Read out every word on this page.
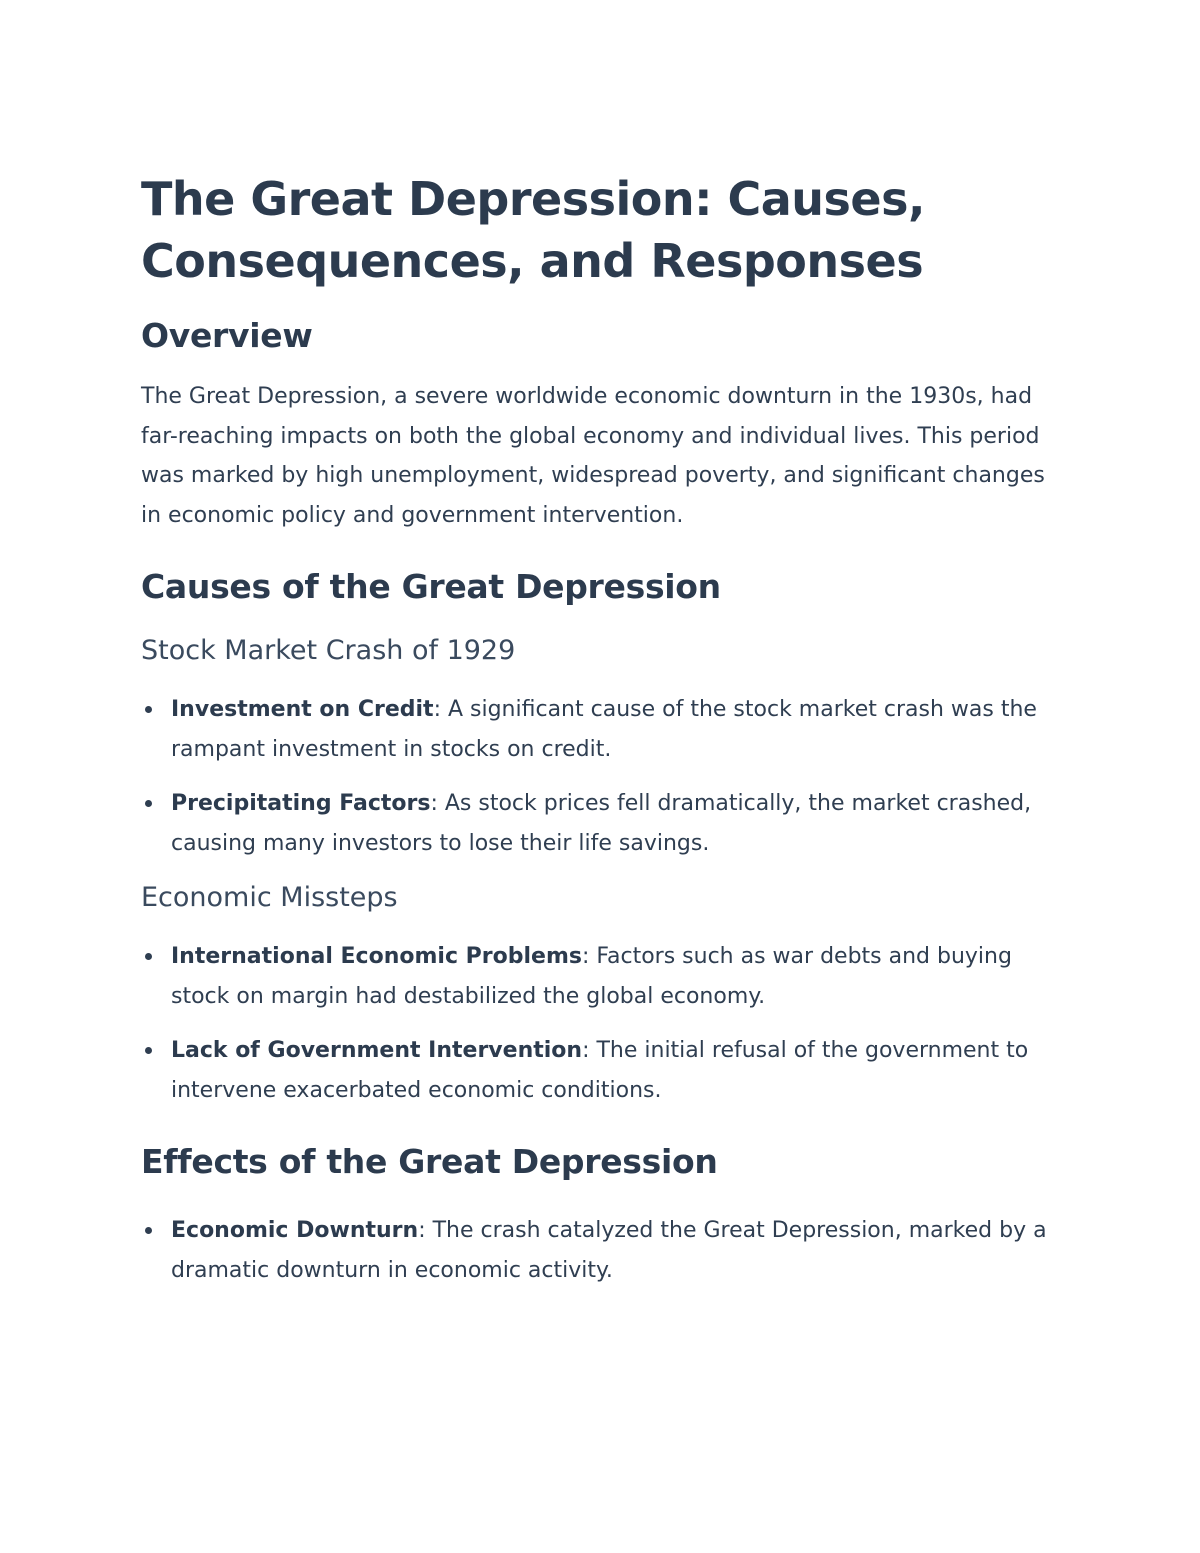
The Great Depression: Causes, Consequences, and Responses
Overview

The Great Depression, a severe worldwide economic downturn in the 1930s, had far-reaching impacts on both the global economy and individual lives. This period was marked by high unemployment, widespread poverty, and significant changes in economic policy and government intervention.

Causes of the Great Depression
Stock Market Crash of 1929
Investment on Credit: A significant cause of the stock market crash was the rampant investment in stocks on credit.
Precipitating Factors: As stock prices fell dramatically, the market crashed, causing many investors to lose their life savings.
Economic Missteps
International Economic Problems: Factors such as war debts and buying stock on margin had destabilized the global economy.
Lack of Government Intervention: The initial refusal of the government to intervene exacerbated economic conditions.
Effects of the Great Depression
Economic Downturn: The crash catalyzed the Great Depression, marked by a dramatic downturn in economic activity.
